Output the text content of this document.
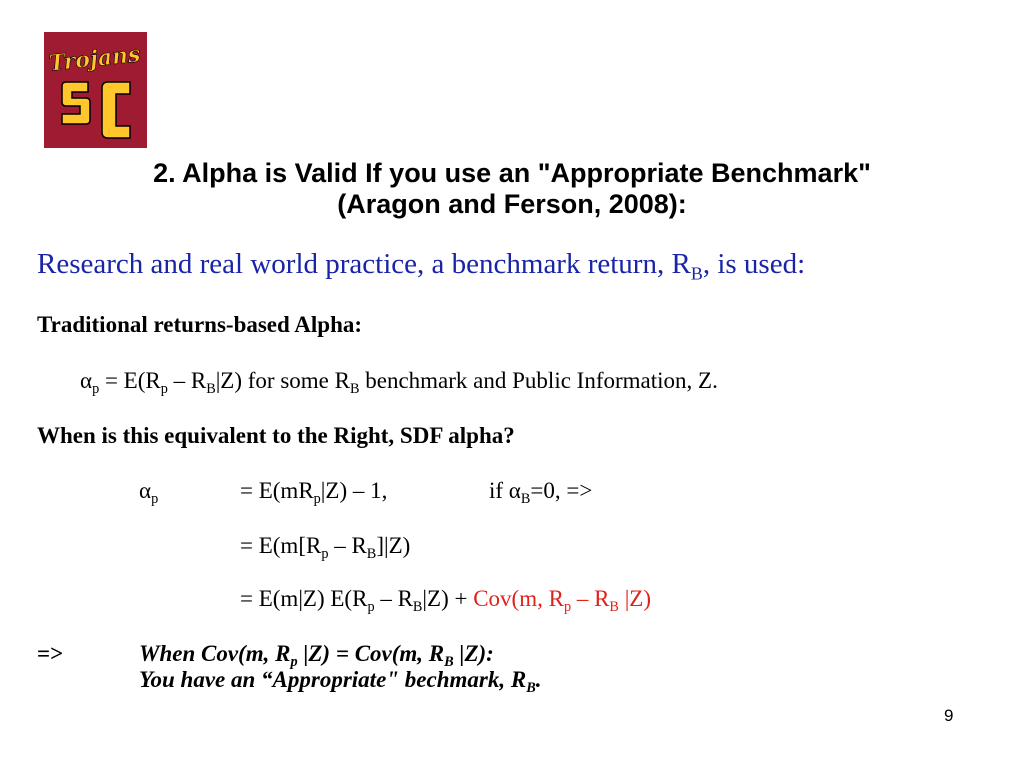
Trojans
2. Alpha is Valid If you use an "Appropriate Benchmark"
(Aragon and Ferson, 2008):
Research and real world practice, a benchmark return, $R_B$, is used:
Traditional returns-based Alpha:
$\alpha_p = E(R_p - R_B|Z)$ for some $R_B$ benchmark and Public Information, Z.
When is this equivalent to the Right, SDF alpha?
$\alpha_p$	= $E(mR_p|Z) - 1$,	if $\alpha_B=0$, =>
= $E(m[R_p - R_B]|Z)$
= E(m|Z) $E(R_p - R_B|Z) + Cov(m$, $R_p - R_B$ |Z)
=>	When Cov(m, $R_p$ |Z) = Cov(m, $R_B$ |Z):
You have an “Appropriate" bechmark, $R_B$.
9
